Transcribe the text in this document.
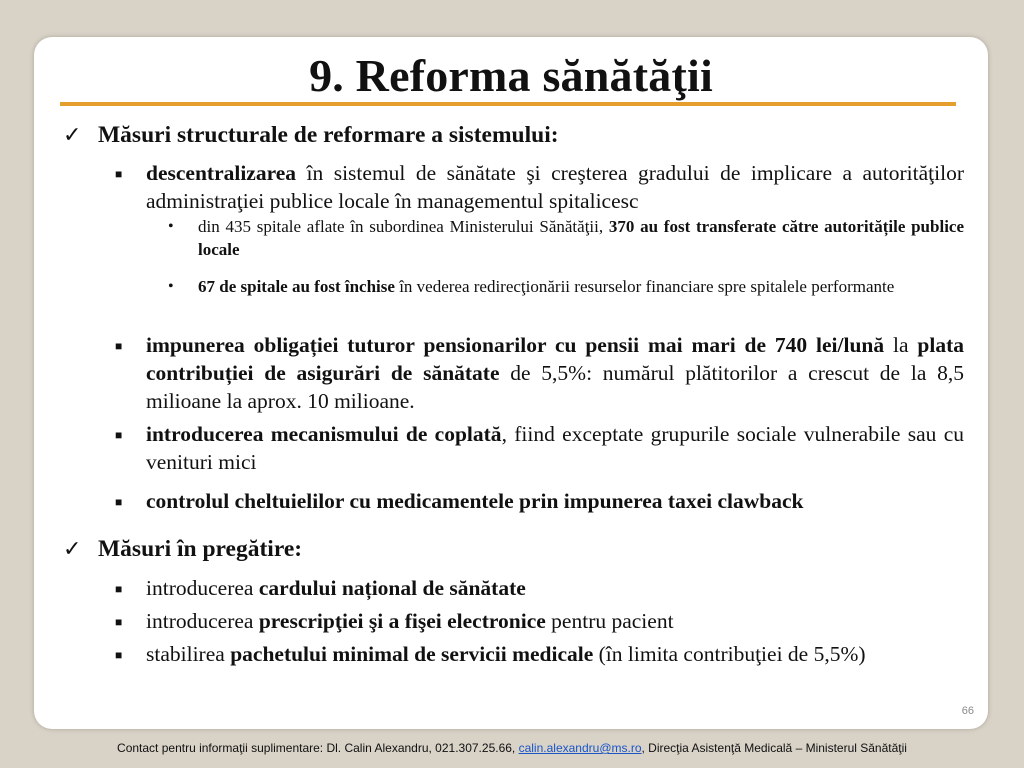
9. Reforma sănătăţii
✓ Măsuri structurale de reformare a sistemului:
■ descentralizarea în sistemul de sănătate şi creşterea gradului de implicare a autorităţilor administraţiei publice locale în managementul spitalicesc
• din 435 spitale aflate în subordinea Ministerului Sănătăţii, 370 au fost transferate către autoritățile publice locale
• 67 de spitale au fost închise în vederea redirecţionării resurselor financiare spre spitalele performante
■ impunerea obligației tuturor pensionarilor cu pensii mai mari de 740 lei/lună la plata contribuției de asigurări de sănătate de 5,5%: numărul plătitorilor a crescut de la 8,5 milioane la aprox. 10 milioane.
■ introducerea mecanismului de coplată, fiind exceptate grupurile sociale vulnerabile sau cu venituri mici
■ controlul cheltuielilor cu medicamentele prin impunerea taxei clawback
✓ Măsuri în pregătire:
■ introducerea cardului național de sănătate
■ introducerea prescripţiei şi a fişei electronice pentru pacient
■ stabilirea pachetului minimal de servicii medicale (în limita contribuţiei de 5,5%)
66
Contact pentru informaţii suplimentare: Dl. Calin Alexandru, 021.307.25.66, calin.alexandru@ms.ro, Direcţia Asistenţă Medicală – Ministerul Sănătăţii
